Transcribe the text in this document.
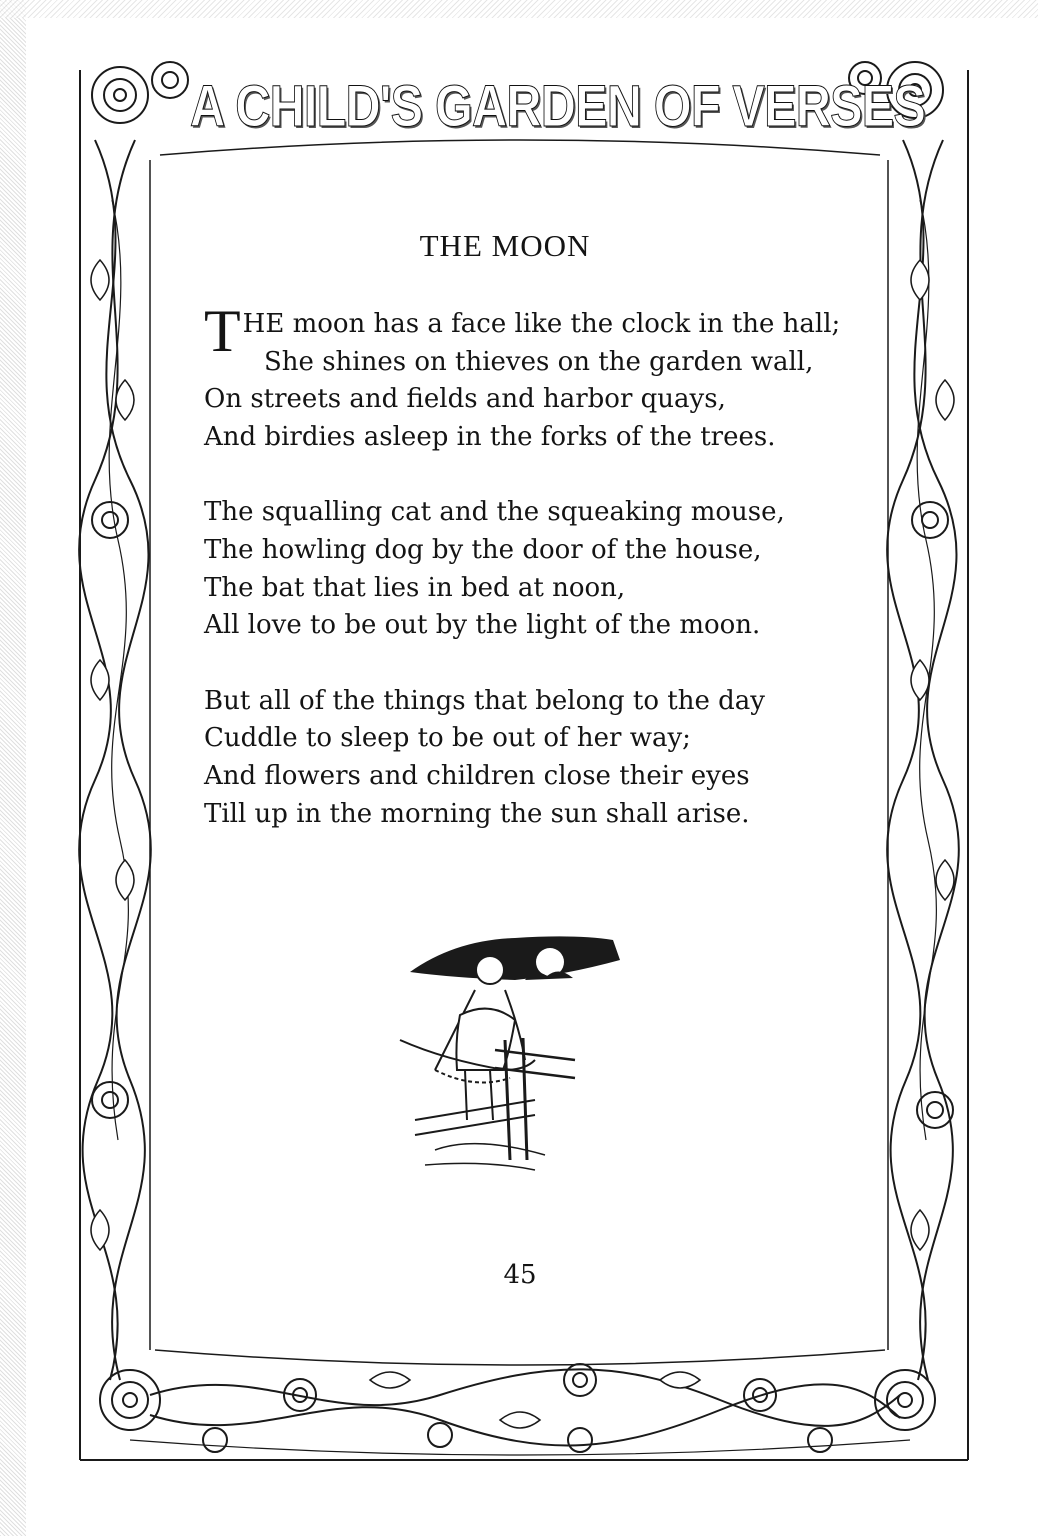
A CHILD'S GARDEN OF VERSES
THE MOON
T HE moon has a face like the clock in the hall;
She shines on thieves on the garden wall,
On streets and fields and harbor quays,
And birdies asleep in the forks of the trees.
The squalling cat and the squeaking mouse,
The howling dog by the door of the house,
The bat that lies in bed at noon,
All love to be out by the light of the moon.
But all of the things that belong to the day
Cuddle to sleep to be out of her way;
And flowers and children close their eyes
Till up in the morning the sun shall arise.
45
